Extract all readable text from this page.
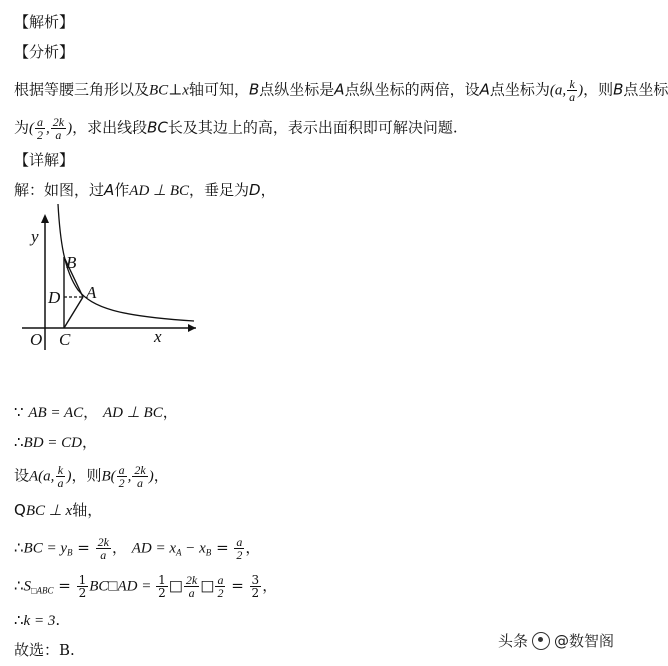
【解析】
【分析】
根据等腰三角形以及BC⊥x轴可知，B点纵坐标是A点纵坐标的两倍，设A点坐标为(a, $\frac{k}{a}$ )，则B点坐标
为( $\frac{a}{2}$ , $\frac{2k}{a}$ )，求出线段BC长及其边上的高，表示出面积即可解决问题.
【详解】
解：如图，过A作AD ⊥ BC，垂足为D，
y
x
O C
D
B
A
∵ AB = AC， AD ⊥ BC，
∴BD = CD，
设A(a, $\frac{k}{a}$ )，则$B( \frac{a}{2}$ , $\frac{2k}{a}$ )，
QBC ⊥ x轴，
∴BC = $y_B = \frac{2k}{a}$ ， AD = $x_A - x_B = \frac{a}{2}$ ，
$\therefore S_{□ABC} = \frac{1}{2}$ BC□AD = $\frac{1}{2}$ □ $\frac{2k}{a}$ □ $\frac{a}{2} = \frac{3}{2}$ ，
∴k = 3.
故选：B.	头条 @数智阁
